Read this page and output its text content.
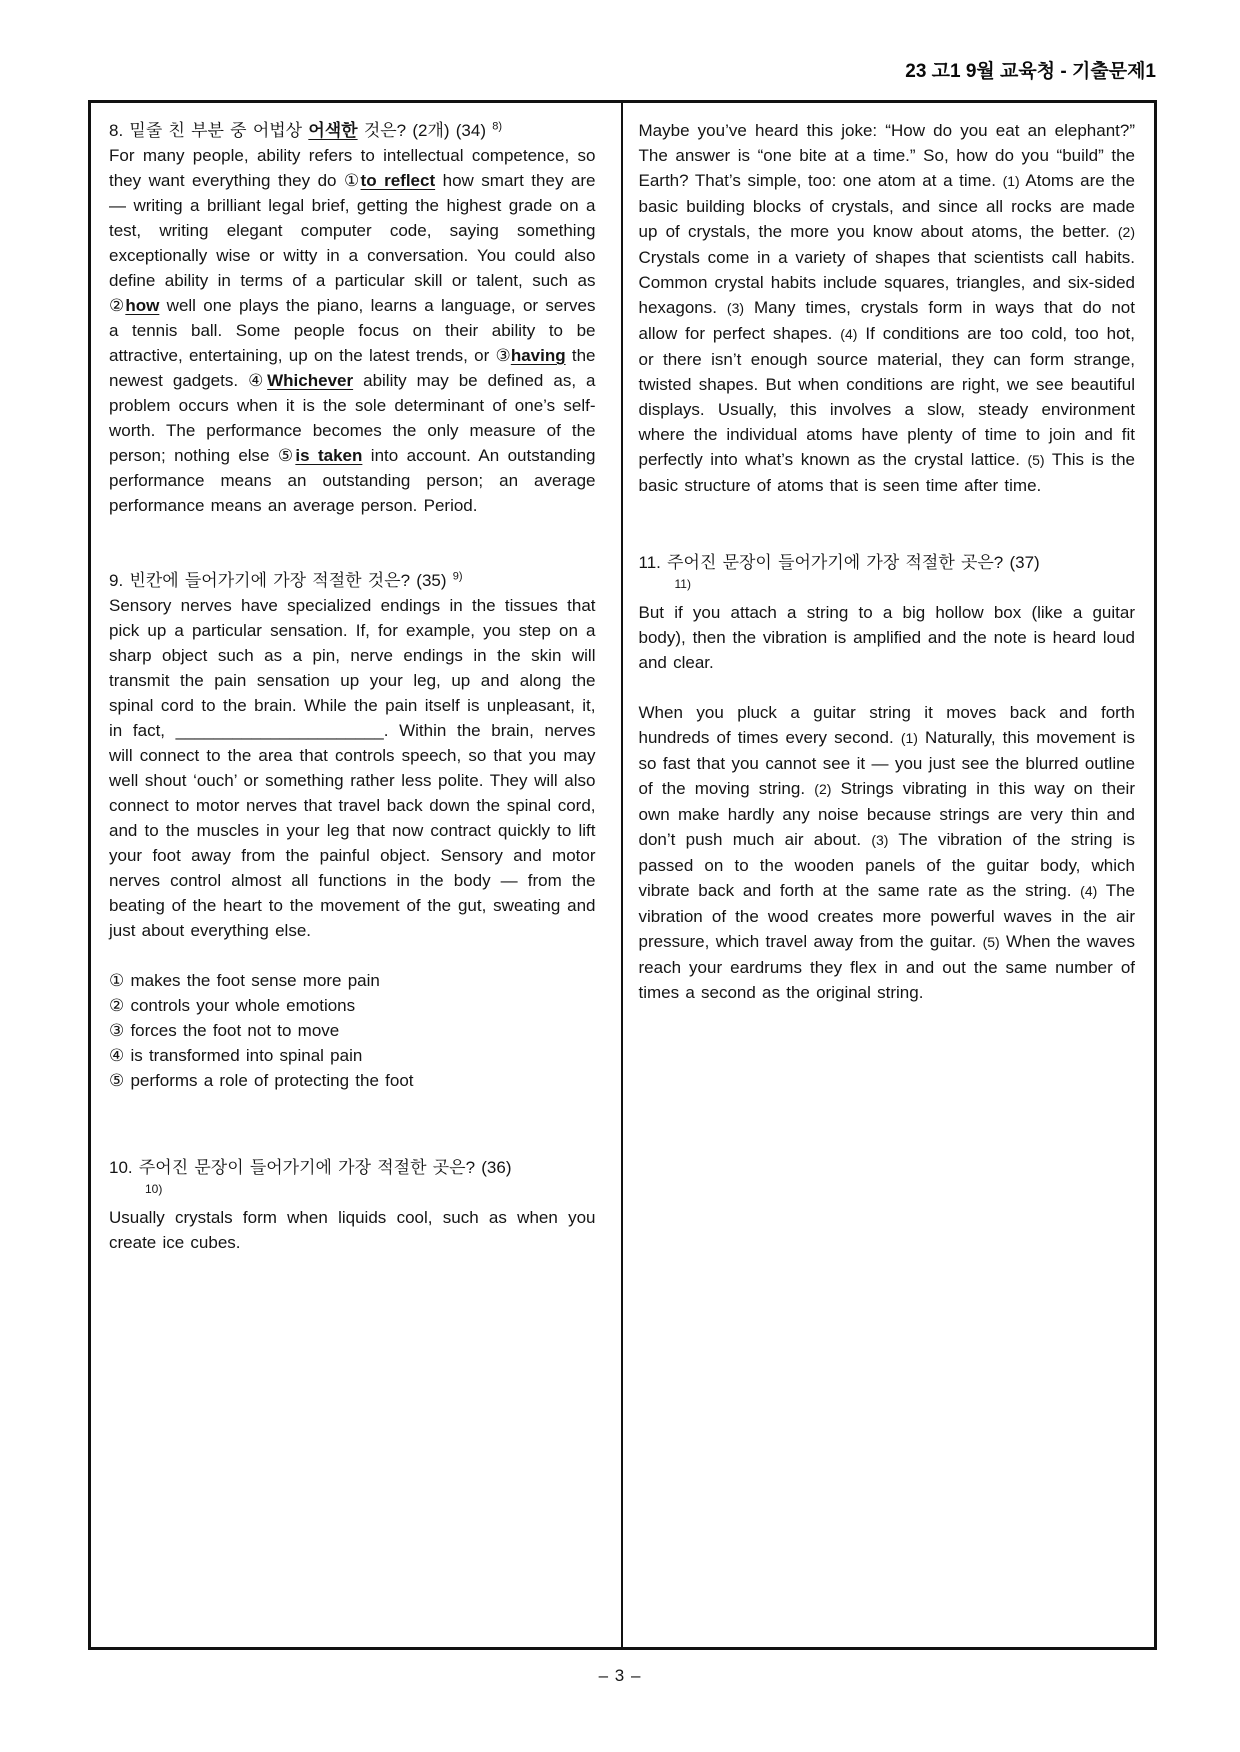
23 고1 9월 교육청 - 기출문제1

8. 밑줄 친 부분 중 어법상 어색한 것은? (2개) (34) $^{8)}$

For many people, ability refers to intellectual competence, so they want everything they do ①to reflect how smart they are — writing a brilliant legal brief, getting the highest grade on a test, writing elegant computer code, saying something exceptionally wise or witty in a conversation. You could also define ability in terms of a particular skill or talent, such as ②how well one plays the piano, learns a language, or serves a tennis ball. Some people focus on their ability to be attractive, entertaining, up on the latest trends, or ③having the newest gadgets. ④Whichever ability may be defined as, a problem occurs when it is the sole determinant of one’s self-worth. The performance becomes the only measure of the person; nothing else ⑤is taken into account. An outstanding performance means an outstanding person; an average performance means an average person. Period.

9. 빈칸에 들어가기에 가장 적절한 것은? (35) $^{9)}$

Sensory nerves have specialized endings in the tissues that pick up a particular sensation. If, for example, you step on a sharp object such as a pin, nerve endings in the skin will transmit the pain sensation up your leg, up and along the spinal cord to the brain. While the pain itself is unpleasant, it, in fact, ______________________. Within the brain, nerves will connect to the area that controls speech, so that you may well shout ‘ouch’ or something rather less polite. They will also connect to motor nerves that travel back down the spinal cord, and to the muscles in your leg that now contract quickly to lift your foot away from the painful object. Sensory and motor nerves control almost all functions in the body — from the beating of the heart to the movement of the gut, sweating and just about everything else.

① makes the foot sense more pain
② controls your whole emotions
③ forces the foot not to move
④ is transformed into spinal pain
⑤ performs a role of protecting the foot

10. 주어진 문장이 들어가기에 가장 적절한 곳은? (36)

10)

Usually crystals form when liquids cool, such as when you create ice cubes.

Maybe you’ve heard this joke: “How do you eat an elephant?” The answer is “one bite at a time.” So, how do you “build” the Earth? That’s simple, too: one atom at a time. (1) Atoms are the basic building blocks of crystals, and since all rocks are made up of crystals, the more you know about atoms, the better. (2) Crystals come in a variety of shapes that scientists call habits. Common crystal habits include squares, triangles, and six-sided hexagons. (3) Many times, crystals form in ways that do not allow for perfect shapes. (4) If conditions are too cold, too hot, or there isn’t enough source material, they can form strange, twisted shapes. But when conditions are right, we see beautiful displays. Usually, this involves a slow, steady environment where the individual atoms have plenty of time to join and fit perfectly into what’s known as the crystal lattice. (5) This is the basic structure of atoms that is seen time after time.

11. 주어진 문장이 들어가기에 가장 적절한 곳은? (37)

11)

But if you attach a string to a big hollow box (like a guitar body), then the vibration is amplified and the note is heard loud and clear.

When you pluck a guitar string it moves back and forth hundreds of times every second. (1) Naturally, this movement is so fast that you cannot see it — you just see the blurred outline of the moving string. (2) Strings vibrating in this way on their own make hardly any noise because strings are very thin and don’t push much air about. (3) The vibration of the string is passed on to the wooden panels of the guitar body, which vibrate back and forth at the same rate as the string. (4) The vibration of the wood creates more powerful waves in the air pressure, which travel away from the guitar. (5) When the waves reach your eardrums they flex in and out the same number of times a second as the original string.

– 3 –
